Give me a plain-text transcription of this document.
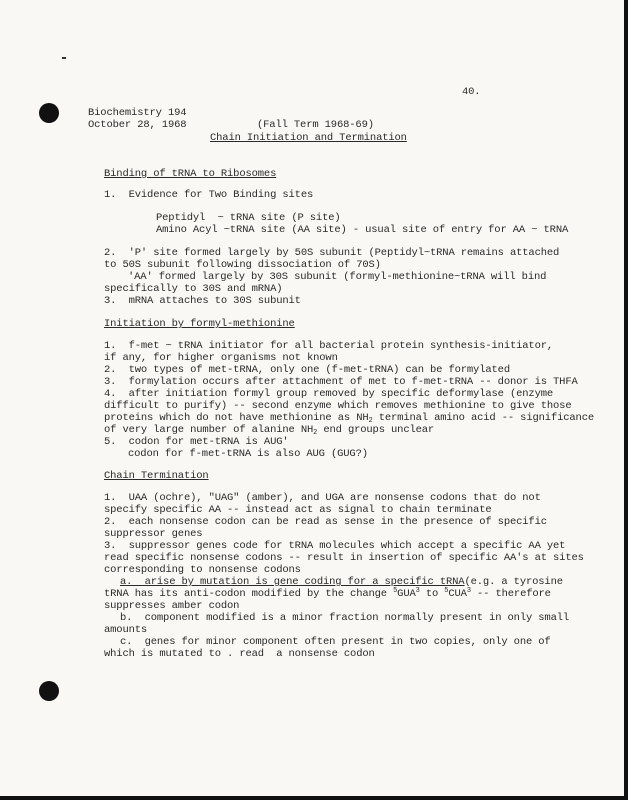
40.
Biochemistry 194
October 28, 1968	(Fall Term 1968-69)
Chain Initiation and Termination
Binding of tRNA to Ribosomes
1.  Evidence for Two Binding sites
Peptidyl  ~ tRNA site (P site)
Amino Acyl ~tRNA site (AA site) - usual site of entry for AA ~ tRNA
2.  'P' site formed largely by 50S subunit (Peptidyl~tRNA remains attached
to 50S subunit following dissociation of 70S)
'AA' formed largely by 30S subunit (formyl-methionine~tRNA will bind
specifically to 30S and mRNA)
3.  mRNA attaches to 30S subunit
Initiation by formyl-methionine
1.  f-met ~ tRNA initiator for all bacterial protein synthesis-initiator,
if any, for higher organisms not known
2.  two types of met-tRNA, only one (f-met-tRNA) can be formylated
3.  formylation occurs after attachment of met to f-met-tRNA -- donor is THFA
4.  after initiation formyl group removed by specific deformylase (enzyme
difficult to purify) -- second enzyme which removes methionine to give those
proteins which do not have methionine as NH2 terminal amino acid -- significance
of very large number of alanine NH2 end groups unclear
5.  codon for met-tRNA is AUG'
codon for f-met-tRNA is also AUG (GUG?)
Chain Termination
1.  UAA (ochre), "UAG" (amber), and UGA are nonsense codons that do not
specify specific AA -- instead act as signal to chain terminate
2.  each nonsense codon can be read as sense in the presence of specific
suppressor genes
3.  suppressor genes code for tRNA molecules which accept a specific AA yet
read specific nonsense codons -- result in insertion of specific AA's at sites
corresponding to nonsense codons
a.  arise by mutation is gene coding for a specific tRNA(e.g. a tyrosine
tRNA has its anti-codon modified by the change $^5$GUA$^3$ to $^5$CUA$^3$ -- therefore
suppresses amber codon
b.  component modified is a minor fraction normally present in only small
amounts
c.  genes for minor component often present in two copies, only one of
which is mutated to . read  a nonsense codon
